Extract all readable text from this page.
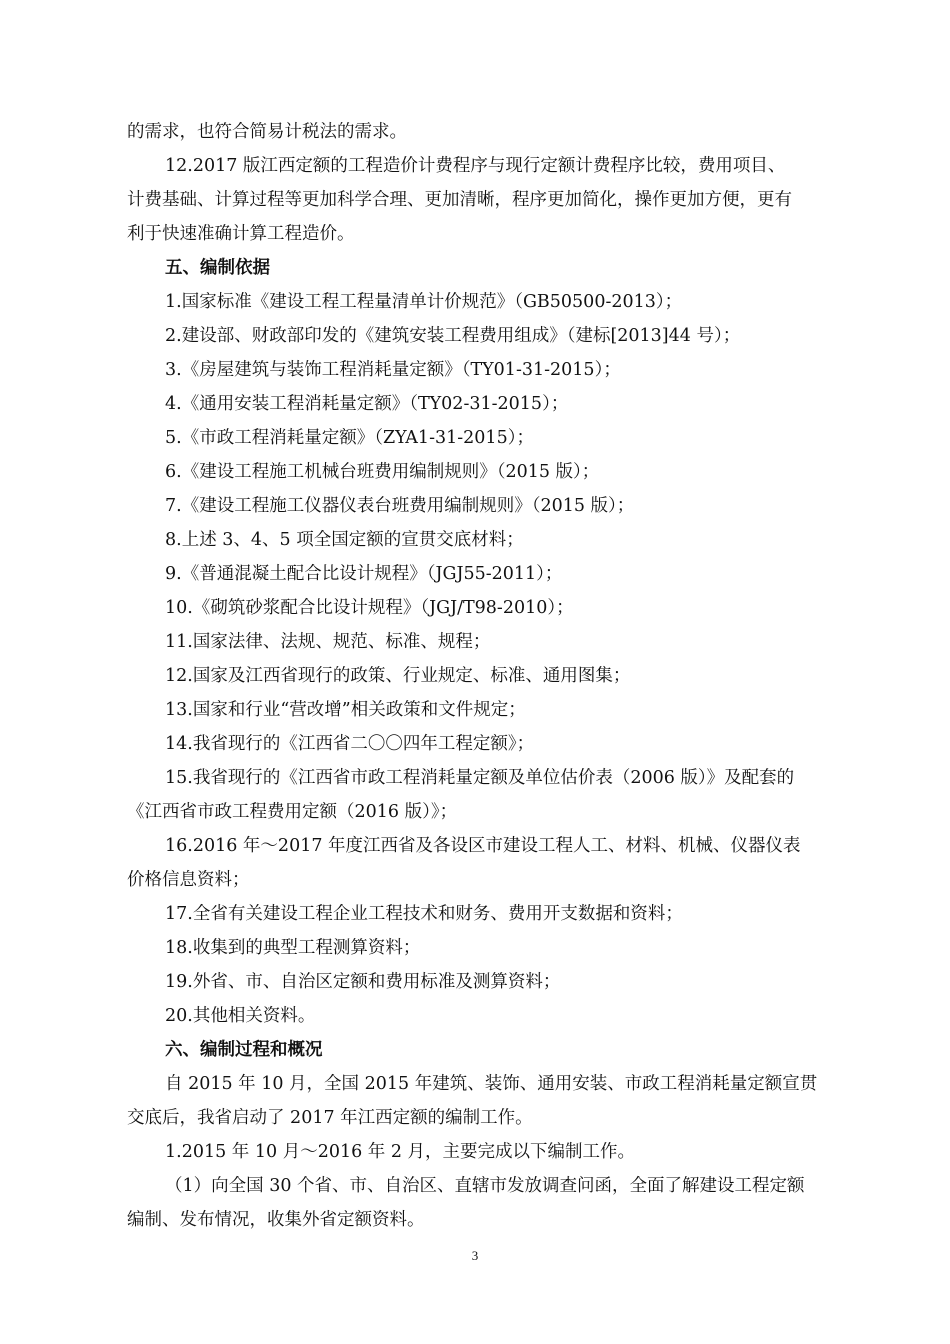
的需求，也符合简易计税法的需求。
12.2017 版江西定额的工程造价计费程序与现行定额计费程序比较，费用项目、
计费基础、计算过程等更加科学合理、更加清晰，程序更加简化，操作更加方便，更有
利于快速准确计算工程造价。
五、编制依据
1.国家标准《建设工程工程量清单计价规范》（GB50500-2013）；
2.建设部、财政部印发的《建筑安装工程费用组成》（建标[2013]44 号）；
3.《房屋建筑与装饰工程消耗量定额》（TY01-31-2015）；
4.《通用安装工程消耗量定额》（TY02-31-2015）；
5.《市政工程消耗量定额》（ZYA1-31-2015）；
6.《建设工程施工机械台班费用编制规则》（2015 版）；
7.《建设工程施工仪器仪表台班费用编制规则》（2015 版）；
8.上述 3、4、5 项全国定额的宣贯交底材料；
9.《普通混凝土配合比设计规程》（JGJ55-2011）；
10.《砌筑砂浆配合比设计规程》（JGJ/T98-2010）；
11.国家法律、法规、规范、标准、规程；
12.国家及江西省现行的政策、行业规定、标准、通用图集；
13.国家和行业“营改增”相关政策和文件规定；
14.我省现行的《江西省二〇〇四年工程定额》；
15.我省现行的《江西省市政工程消耗量定额及单位估价表（2006 版）》及配套的
《江西省市政工程费用定额（2016 版）》；
16.2016 年～2017 年度江西省及各设区市建设工程人工、材料、机械、仪器仪表
价格信息资料；
17.全省有关建设工程企业工程技术和财务、费用开支数据和资料；
18.收集到的典型工程测算资料；
19.外省、市、自治区定额和费用标准及测算资料；
20.其他相关资料。
六、编制过程和概况
自 2015 年 10 月，全国 2015 年建筑、装饰、通用安装、市政工程消耗量定额宣贯
交底后，我省启动了 2017 年江西定额的编制工作。
1.2015 年 10 月～2016 年 2 月，主要完成以下编制工作。
（1）向全国 30 个省、市、自治区、直辖市发放调查问函，全面了解建设工程定额
编制、发布情况，收集外省定额资料。
3
